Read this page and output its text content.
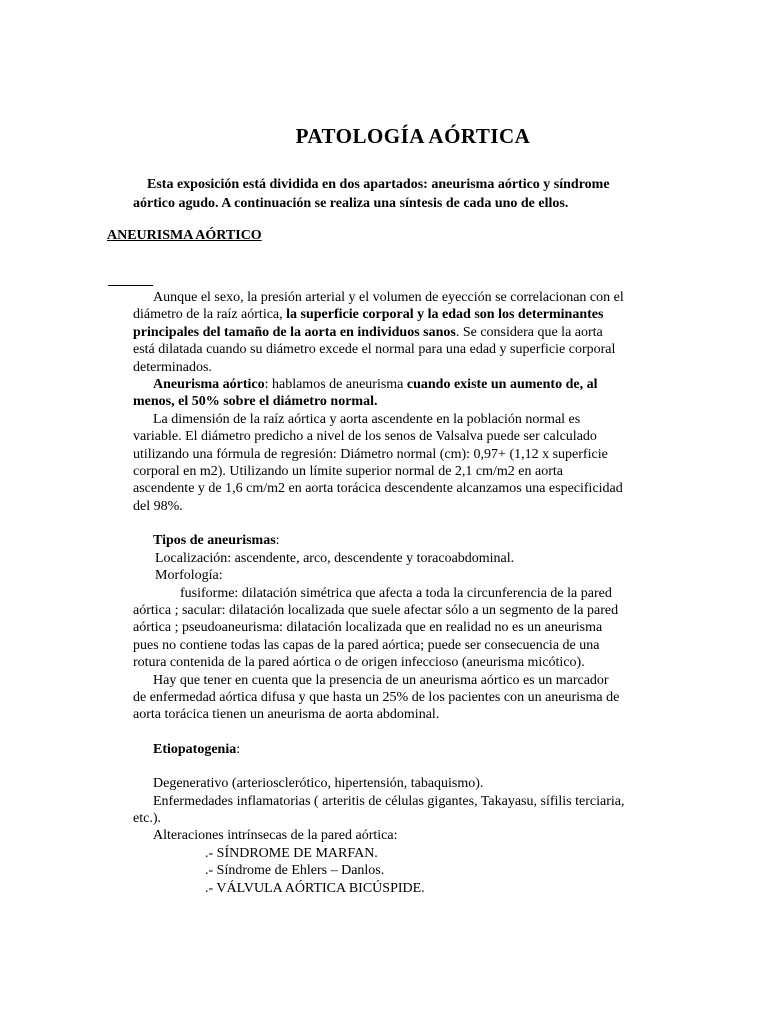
PATOLOGÍA AÓRTICA
Esta exposición está dividida en dos apartados: aneurisma aórtico y síndrome
aórtico agudo. A continuación se realiza una síntesis de cada uno de ellos.
ANEURISMA AÓRTICO

Aunque el sexo, la presión arterial y el volumen de eyección se correlacionan con el

diámetro de la raíz aórtica, la superficie corporal y la edad son los determinantes

principales del tamaño de la aorta en individuos sanos. Se considera que la aorta

está dilatada cuando su diámetro excede el normal para una edad y superficie corporal

determinados.

Aneurisma aórtico: hablamos de aneurisma cuando existe un aumento de, al

menos, el 50% sobre el diámetro normal.

La dimensión de la raíz aórtica y aorta ascendente en la población normal es

variable. El diámetro predicho a nivel de los senos de Valsalva puede ser calculado

utilizando una fórmula de regresión: Diámetro normal (cm): 0,97+ (1,12 x superficie

corporal en m2). Utilizando un límite superior normal de 2,1 cm/m2 en aorta

ascendente y de 1,6 cm/m2 en aorta torácica descendente alcanzamos una especificidad

del 98%.

Tipos de aneurismas:

Localización: ascendente, arco, descendente y toracoabdominal.

Morfología:

fusiforme: dilatación simétrica que afecta a toda la circunferencia de la pared

aórtica ; sacular: dilatación localizada que suele afectar sólo a un segmento de la pared

aórtica ; pseudoaneurisma: dilatación localizada que en realidad no es un aneurisma

pues no contiene todas las capas de la pared aórtica; puede ser consecuencia de una

rotura contenida de la pared aórtica o de origen infeccioso (aneurisma micótico).

Hay que tener en cuenta que la presencia de un aneurisma aórtico es un marcador

de enfermedad aórtica difusa y que hasta un 25% de los pacientes con un aneurisma de

aorta torácica tienen un aneurisma de aorta abdominal.

Etiopatogenia:

Degenerativo (arteriosclerótico, hipertensión, tabaquismo).

Enfermedades inflamatorias ( arteritis de células gigantes, Takayasu, sífilis terciaria,

etc.).

Alteraciones intrínsecas de la pared aórtica:

.- SÍNDROME DE MARFAN.

.- Síndrome de Ehlers – Danlos.

.- VÁLVULA AÓRTICA BICÚSPIDE.
